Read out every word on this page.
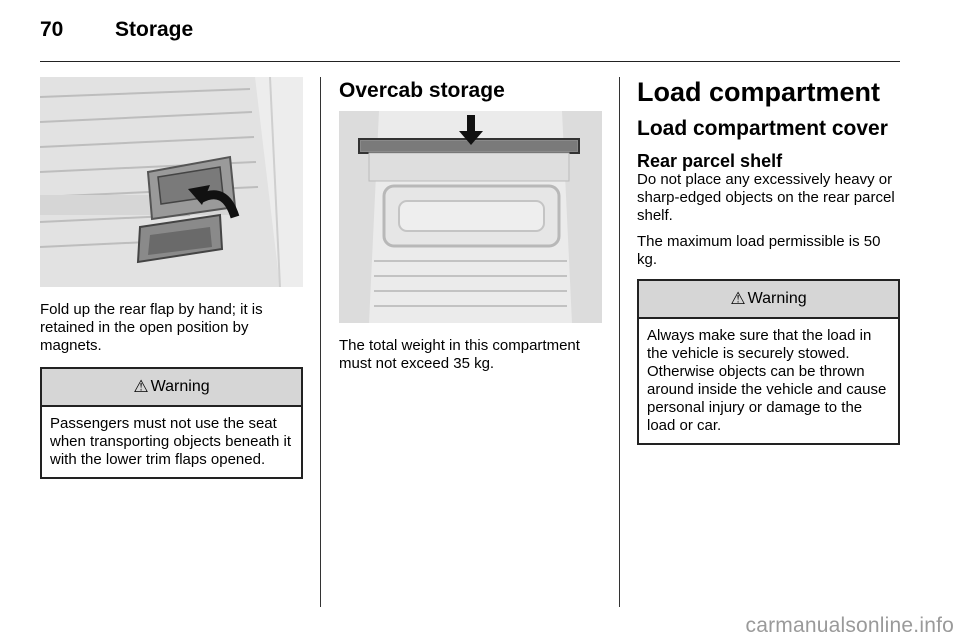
70 Storage

Fold up the rear flap by hand; it is retained in the open position by magnets.

⚠ Warning
Passengers must not use the seat when transporting objects beneath it with the lower trim flaps opened.
Overcab storage

The total weight in this compartment must not exceed 35 kg.

Load compartment
Load compartment cover
Rear parcel shelf

Do not place any excessively heavy or sharp-edged objects on the rear parcel shelf.

The maximum load permissible is 50 kg.

⚠ Warning
Always make sure that the load in the vehicle is securely stowed. Otherwise objects can be thrown around inside the vehicle and cause personal injury or damage to the load or car.
carmanualsonline.info
